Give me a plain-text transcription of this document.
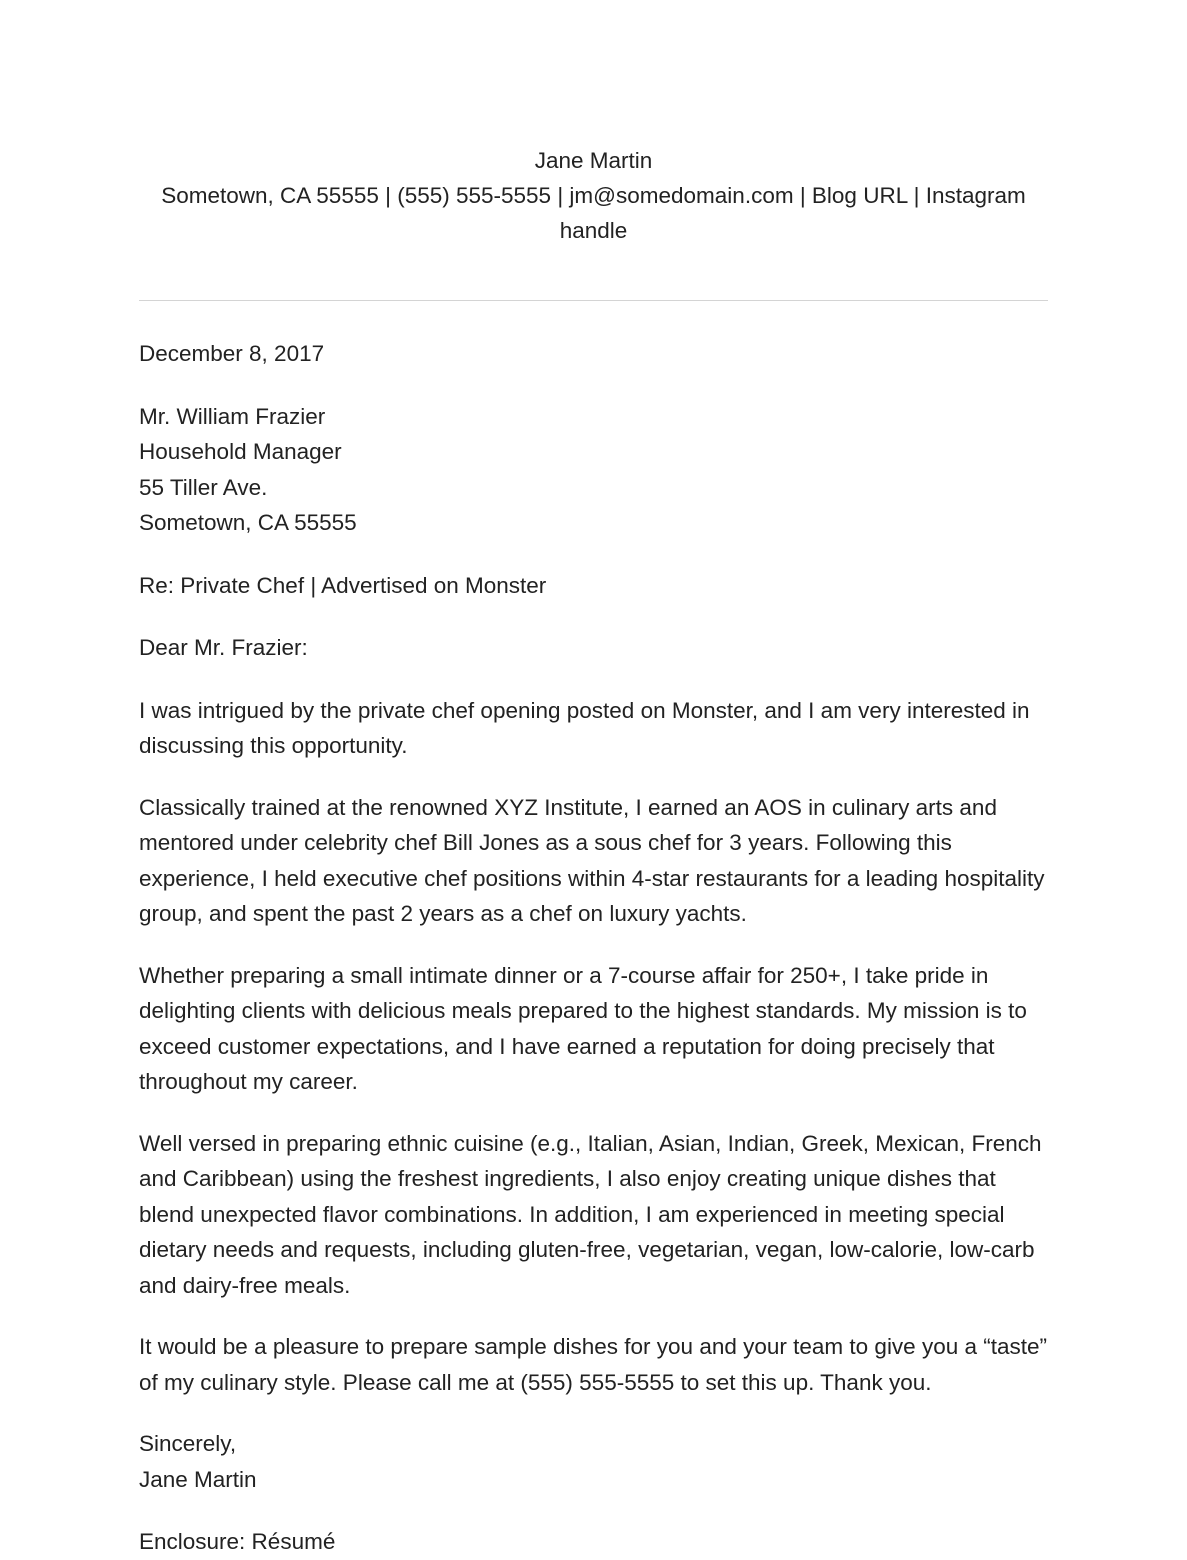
Jane Martin
Sometown, CA 55555 | (555) 555-5555 | jm@somedomain.com | Blog URL | Instagram handle
December 8, 2017
Mr. William Frazier
Household Manager
55 Tiller Ave.
Sometown, CA 55555
Re: Private Chef | Advertised on Monster
Dear Mr. Frazier:

I was intrigued by the private chef opening posted on Monster, and I am very interested in discussing this opportunity.

Classically trained at the renowned XYZ Institute, I earned an AOS in culinary arts and mentored under celebrity chef Bill Jones as a sous chef for 3 years. Following this experience, I held executive chef positions within 4-star restaurants for a leading hospitality group, and spent the past 2 years as a chef on luxury yachts.

Whether preparing a small intimate dinner or a 7-course affair for 250+, I take pride in delighting clients with delicious meals prepared to the highest standards. My mission is to exceed customer expectations, and I have earned a reputation for doing precisely that throughout my career.

Well versed in preparing ethnic cuisine (e.g., Italian, Asian, Indian, Greek, Mexican, French and Caribbean) using the freshest ingredients, I also enjoy creating unique dishes that blend unexpected flavor combinations. In addition, I am experienced in meeting special dietary needs and requests, including gluten-free, vegetarian, vegan, low-calorie, low-carb and dairy-free meals.

It would be a pleasure to prepare sample dishes for you and your team to give you a “taste” of my culinary style. Please call me at (555) 555-5555 to set this up. Thank you.

Sincerely,
Jane Martin
Enclosure: Résumé
